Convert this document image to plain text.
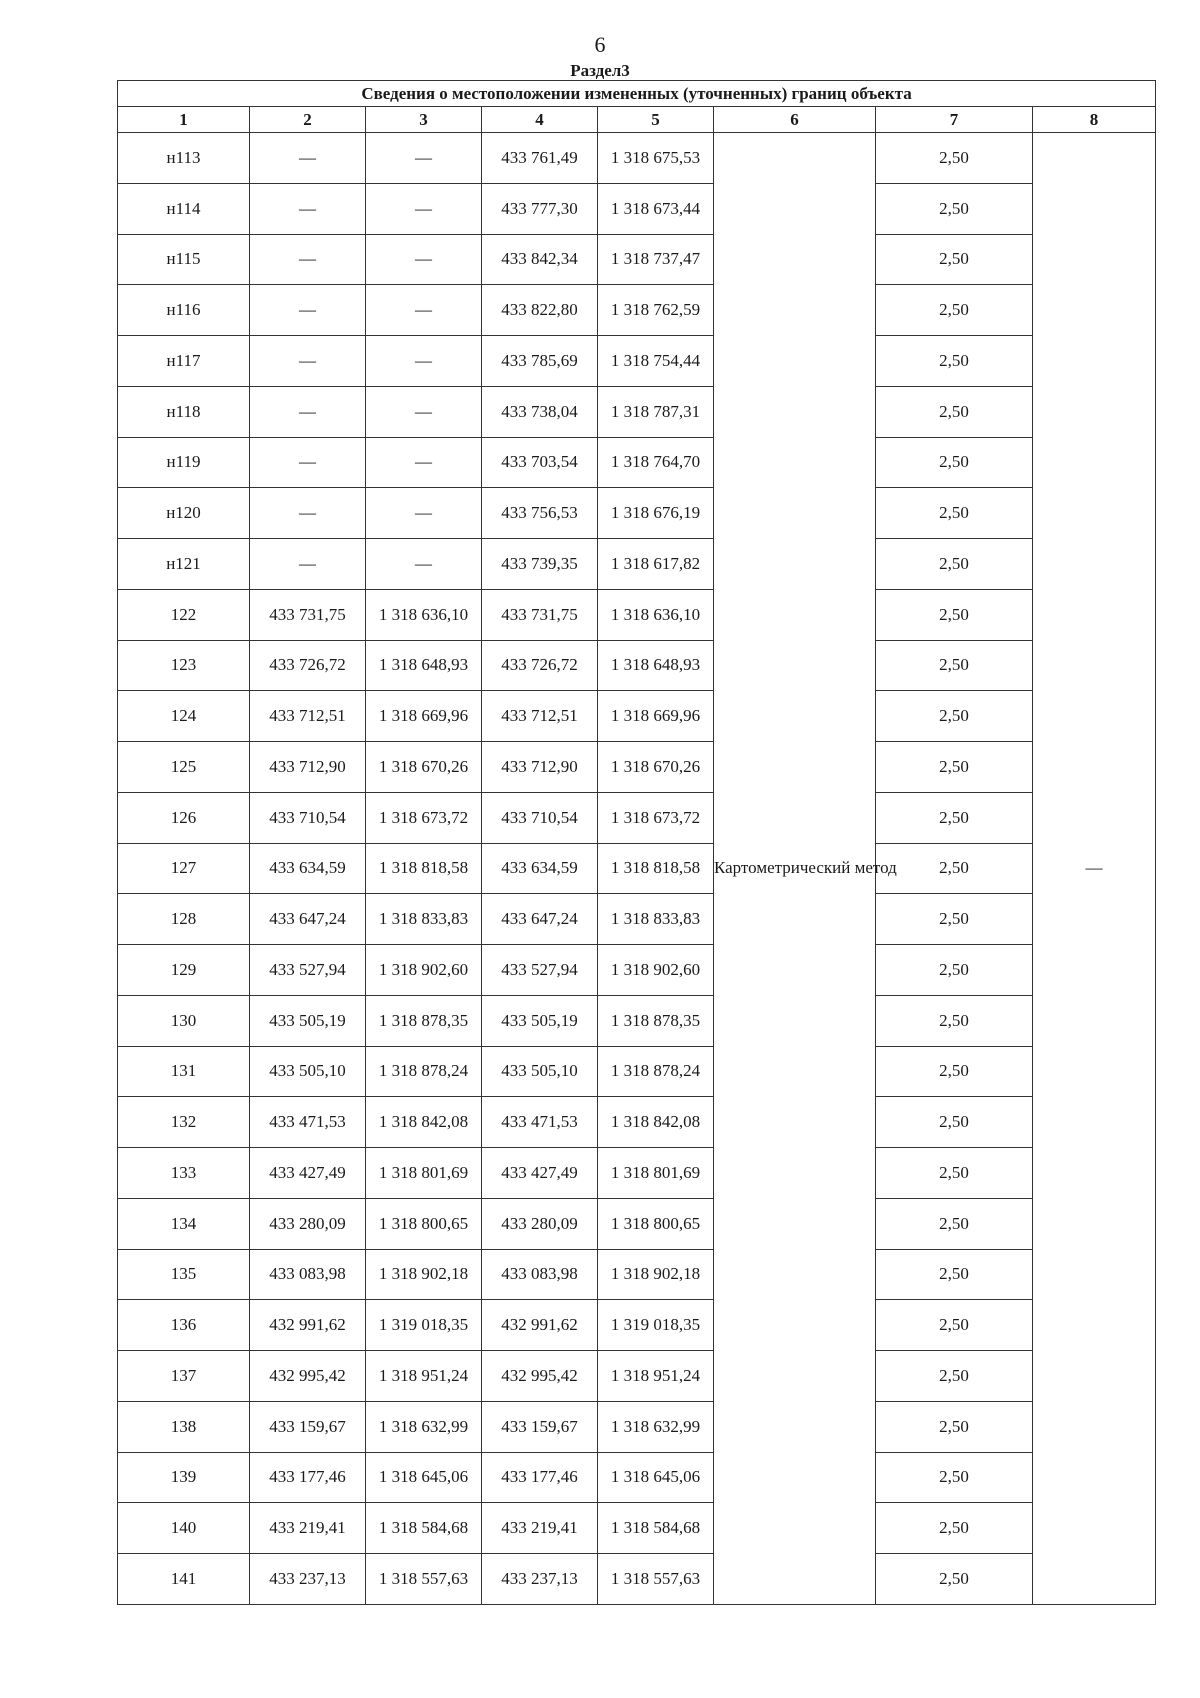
6
Раздел3
Сведения о местоположении измененных (уточненных) границ объекта							
1	2	3	4	5	6	7	8
н113	—	—	433 761,49	1 318 675,53	Картометрический метод	2,50	—
н114	—	—	433 777,30	1 318 673,44		2,50	
н115	—	—	433 842,34	1 318 737,47		2,50	
н116	—	—	433 822,80	1 318 762,59		2,50	
н117	—	—	433 785,69	1 318 754,44		2,50	
н118	—	—	433 738,04	1 318 787,31		2,50	
н119	—	—	433 703,54	1 318 764,70		2,50	
н120	—	—	433 756,53	1 318 676,19		2,50	
н121	—	—	433 739,35	1 318 617,82		2,50	
122	433 731,75	1 318 636,10	433 731,75	1 318 636,10		2,50	
123	433 726,72	1 318 648,93	433 726,72	1 318 648,93		2,50	
124	433 712,51	1 318 669,96	433 712,51	1 318 669,96		2,50	
125	433 712,90	1 318 670,26	433 712,90	1 318 670,26		2,50	
126	433 710,54	1 318 673,72	433 710,54	1 318 673,72		2,50	
127	433 634,59	1 318 818,58	433 634,59	1 318 818,58		2,50	
128	433 647,24	1 318 833,83	433 647,24	1 318 833,83		2,50	
129	433 527,94	1 318 902,60	433 527,94	1 318 902,60		2,50	
130	433 505,19	1 318 878,35	433 505,19	1 318 878,35		2,50	
131	433 505,10	1 318 878,24	433 505,10	1 318 878,24		2,50	
132	433 471,53	1 318 842,08	433 471,53	1 318 842,08		2,50	
133	433 427,49	1 318 801,69	433 427,49	1 318 801,69		2,50	
134	433 280,09	1 318 800,65	433 280,09	1 318 800,65		2,50	
135	433 083,98	1 318 902,18	433 083,98	1 318 902,18		2,50	
136	432 991,62	1 319 018,35	432 991,62	1 319 018,35		2,50	
137	432 995,42	1 318 951,24	432 995,42	1 318 951,24		2,50	
138	433 159,67	1 318 632,99	433 159,67	1 318 632,99		2,50	
139	433 177,46	1 318 645,06	433 177,46	1 318 645,06		2,50	
140	433 219,41	1 318 584,68	433 219,41	1 318 584,68		2,50	
141	433 237,13	1 318 557,63	433 237,13	1 318 557,63		2,50	
